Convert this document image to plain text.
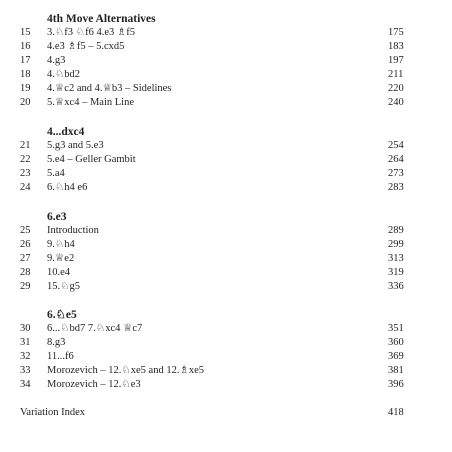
4th Move Alternatives
15	3.♘f3 ♘f6 4.e3 ♗f5	175
16	4.e3 ♗f5 – 5.cxd5	183
17	4.g3	197
18	4.♘bd2	211
19	4.♕c2 and 4.♕b3 – Sidelines	220
20	5.♕xc4 – Main Line	240
4...dxc4
21	5.g3 and 5.e3	254
22	5.e4 – Geller Gambit	264
23	5.a4	273
24	6.♘h4 e6	283
6.e3
25	Introduction	289
26	9.♘h4	299
27	9.♕e2	313
28	10.e4	319
29	15.♘g5	336
6.♘e5
30	6...♘bd7 7.♘xc4 ♕c7	351
31	8.g3	360
32	11...f6	369
33	Morozevich – 12.♘xe5 and 12.♗xe5	381
34	Morozevich – 12.♘e3	396
Variation Index	418
